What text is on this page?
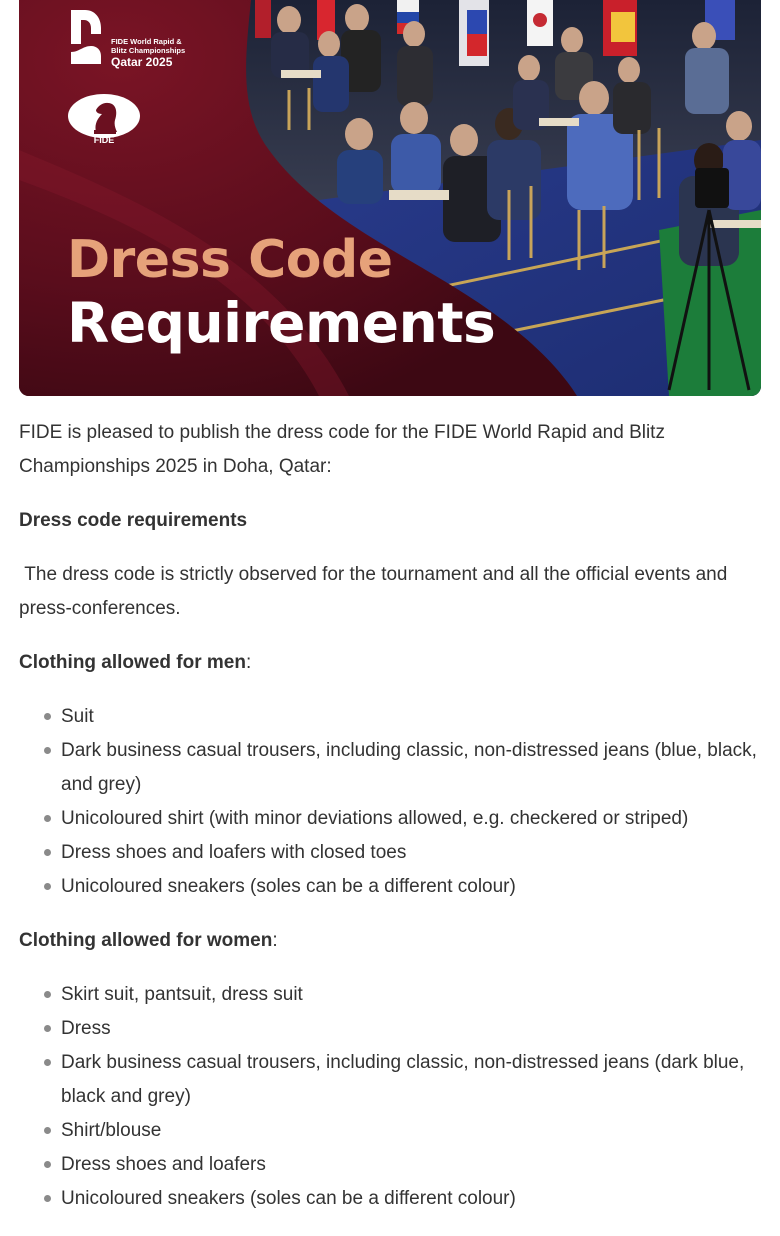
FIDE World Rapid &
Blitz Championships
Qatar 2025
FIDE
Dress Code
Requirements

FIDE is pleased to publish the dress code for the FIDE World Rapid and Blitz Championships 2025 in Doha, Qatar:

Dress code requirements

The dress code is strictly observed for the tournament and all the official events and press-conferences.

Clothing allowed for men:

Suit
Dark business casual trousers, including classic, non-distressed jeans (blue, black, and grey)
Unicoloured shirt (with minor deviations allowed, e.g. checkered or striped)
Dress shoes and loafers with closed toes
Unicoloured sneakers (soles can be a different colour)

Clothing allowed for women:

Skirt suit, pantsuit, dress suit
Dress
Dark business casual trousers, including classic, non-distressed jeans (dark blue, black and grey)
Shirt/blouse
Dress shoes and loafers
Unicoloured sneakers (soles can be a different colour)
